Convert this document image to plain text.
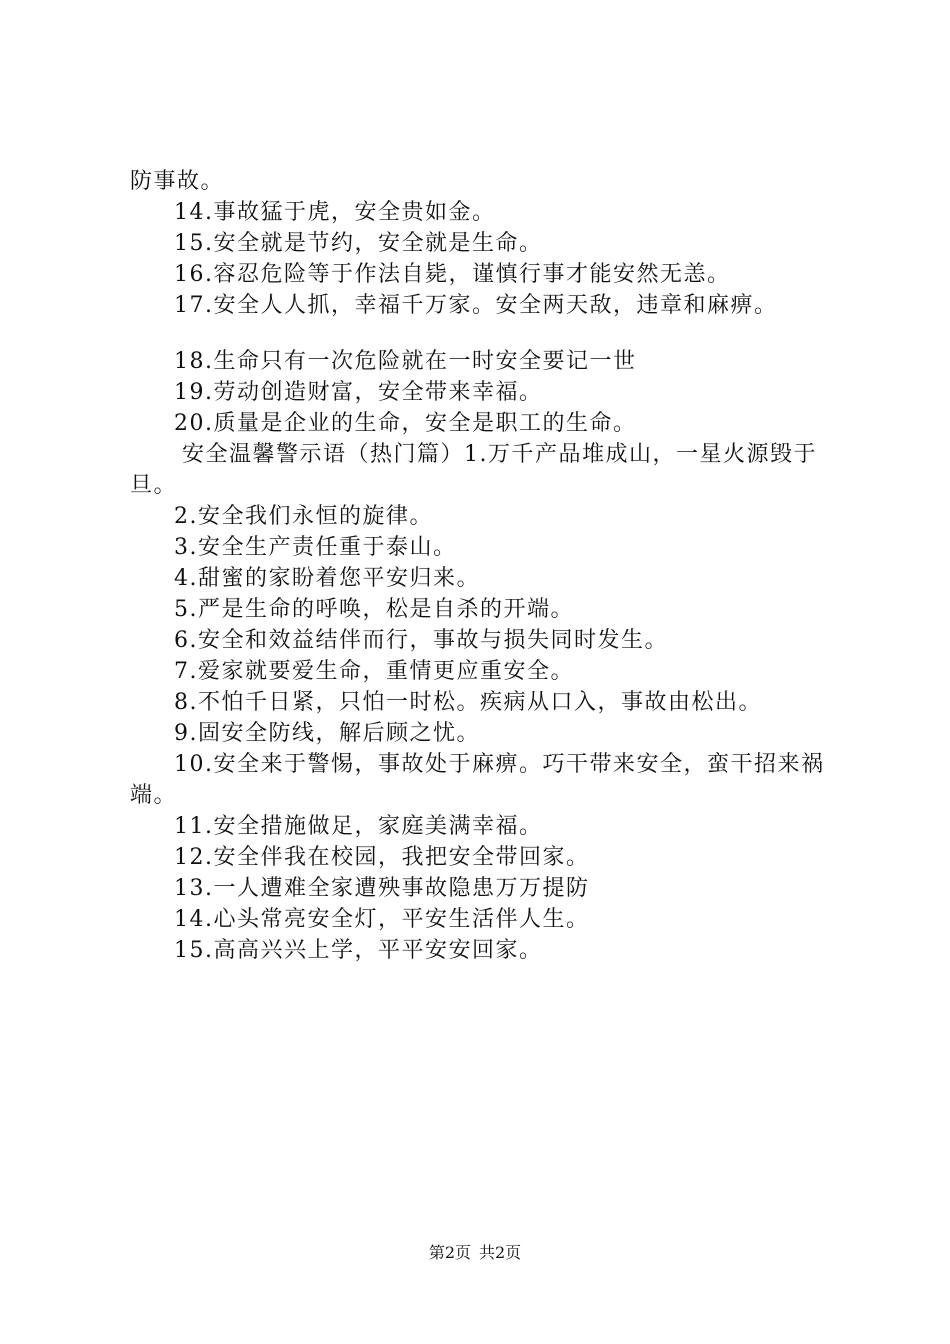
防事故。

14.事故猛于虎，安全贵如金。

15.安全就是节约，安全就是生命。

16.容忍危险等于作法自毙，谨慎行事才能安然无恙。

17.安全人人抓，幸福千万家。安全两天敌，违章和麻痹。

18.生命只有一次危险就在一时安全要记一世

19.劳动创造财富，安全带来幸福。

20.质量是企业的生命，安全是职工的生命。

安全温馨警示语（热门篇）1.万千产品堆成山，一星火源毁于旦。

2.安全我们永恒的旋律。

3.安全生产责任重于泰山。

4.甜蜜的家盼着您平安归来。

5.严是生命的呼唤，松是自杀的开端。

6.安全和效益结伴而行，事故与损失同时发生。

7.爱家就要爱生命，重情更应重安全。

8.不怕千日紧，只怕一时松。疾病从口入，事故由松出。

9.固安全防线，解后顾之忧。

10.安全来于警惕，事故处于麻痹。巧干带来安全，蛮干招来祸端。

11.安全措施做足，家庭美满幸福。

12.安全伴我在校园，我把安全带回家。

13.一人遭难全家遭殃事故隐患万万提防

14.心头常亮安全灯，平安生活伴人生。

15.高高兴兴上学，平平安安回家。

第2页 共2页
